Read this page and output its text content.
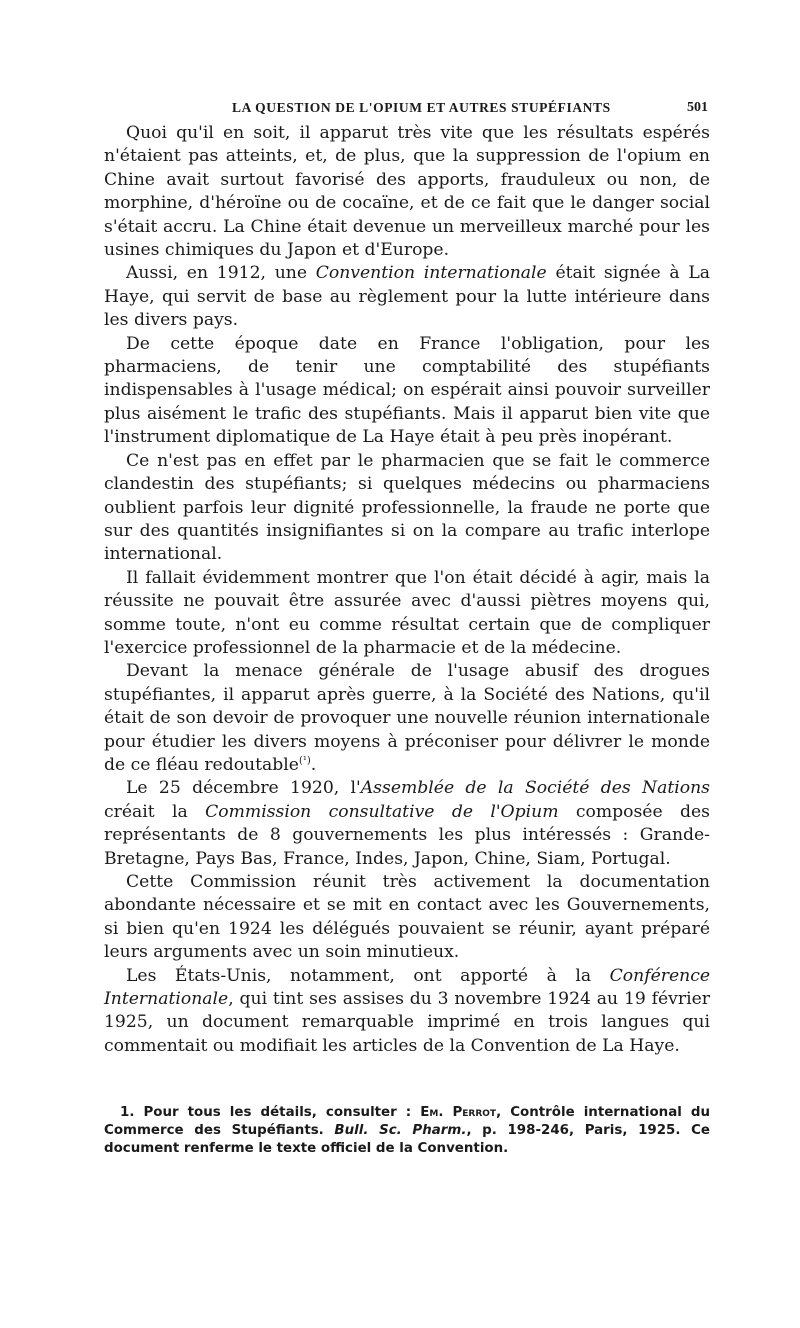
LA QUESTION DE L'OPIUM ET AUTRES STUPÉFIANTS	501

Quoi qu'il en soit, il apparut très vite que les résultats espérés n'étaient pas atteints, et, de plus, que la suppression de l'opium en Chine avait surtout favorisé des apports, frauduleux ou non, de morphine, d'héroïne ou de cocaïne, et de ce fait que le danger social s'était accru. La Chine était devenue un merveilleux marché pour les usines chimiques du Japon et d'Europe.

Aussi, en 1912, une Convention internationale était signée à La Haye, qui servit de base au règlement pour la lutte intérieure dans les divers pays.

De cette époque date en France l'obligation, pour les pharmaciens, de tenir une comptabilité des stupéfiants indispensables à l'usage médical; on espérait ainsi pouvoir surveiller plus aisément le trafic des stupéfiants. Mais il apparut bien vite que l'instrument diplomatique de La Haye était à peu près inopérant.

Ce n'est pas en effet par le pharmacien que se fait le commerce clandestin des stupéfiants; si quelques médecins ou pharmaciens oublient parfois leur dignité professionnelle, la fraude ne porte que sur des quantités insignifiantes si on la compare au trafic interlope international.

Il fallait évidemment montrer que l'on était décidé à agir, mais la réussite ne pouvait être assurée avec d'aussi piètres moyens qui, somme toute, n'ont eu comme résultat certain que de compliquer l'exercice professionnel de la pharmacie et de la médecine.

Devant la menace générale de l'usage abusif des drogues stupéfiantes, il apparut après guerre, à la Société des Nations, qu'il était de son devoir de provoquer une nouvelle réunion internationale pour étudier les divers moyens à préconiser pour délivrer le monde de ce fléau redoutable$^{(^1)}$.

Le 25 décembre 1920, l'Assemblée de la Société des Nations créait la Commission consultative de l'Opium composée des représentants de 8 gouvernements les plus intéressés : Grande-Bretagne, Pays Bas, France, Indes, Japon, Chine, Siam, Portugal.

Cette Commission réunit très activement la documentation abondante nécessaire et se mit en contact avec les Gouvernements, si bien qu'en 1924 les délégués pouvaient se réunir, ayant préparé leurs arguments avec un soin minutieux.

Les États-Unis, notamment, ont apporté à la Conférence Internationale, qui tint ses assises du 3 novembre 1924 au 19 février 1925, un document remarquable imprimé en trois langues qui commentait ou modifiait les articles de la Convention de La Haye.

1. Pour tous les détails, consulter : Em. Perrot, Contrôle international du Commerce des Stupéfiants. Bull. Sc. Pharm., p. 198-246, Paris, 1925. Ce document renferme le texte officiel de la Convention.
